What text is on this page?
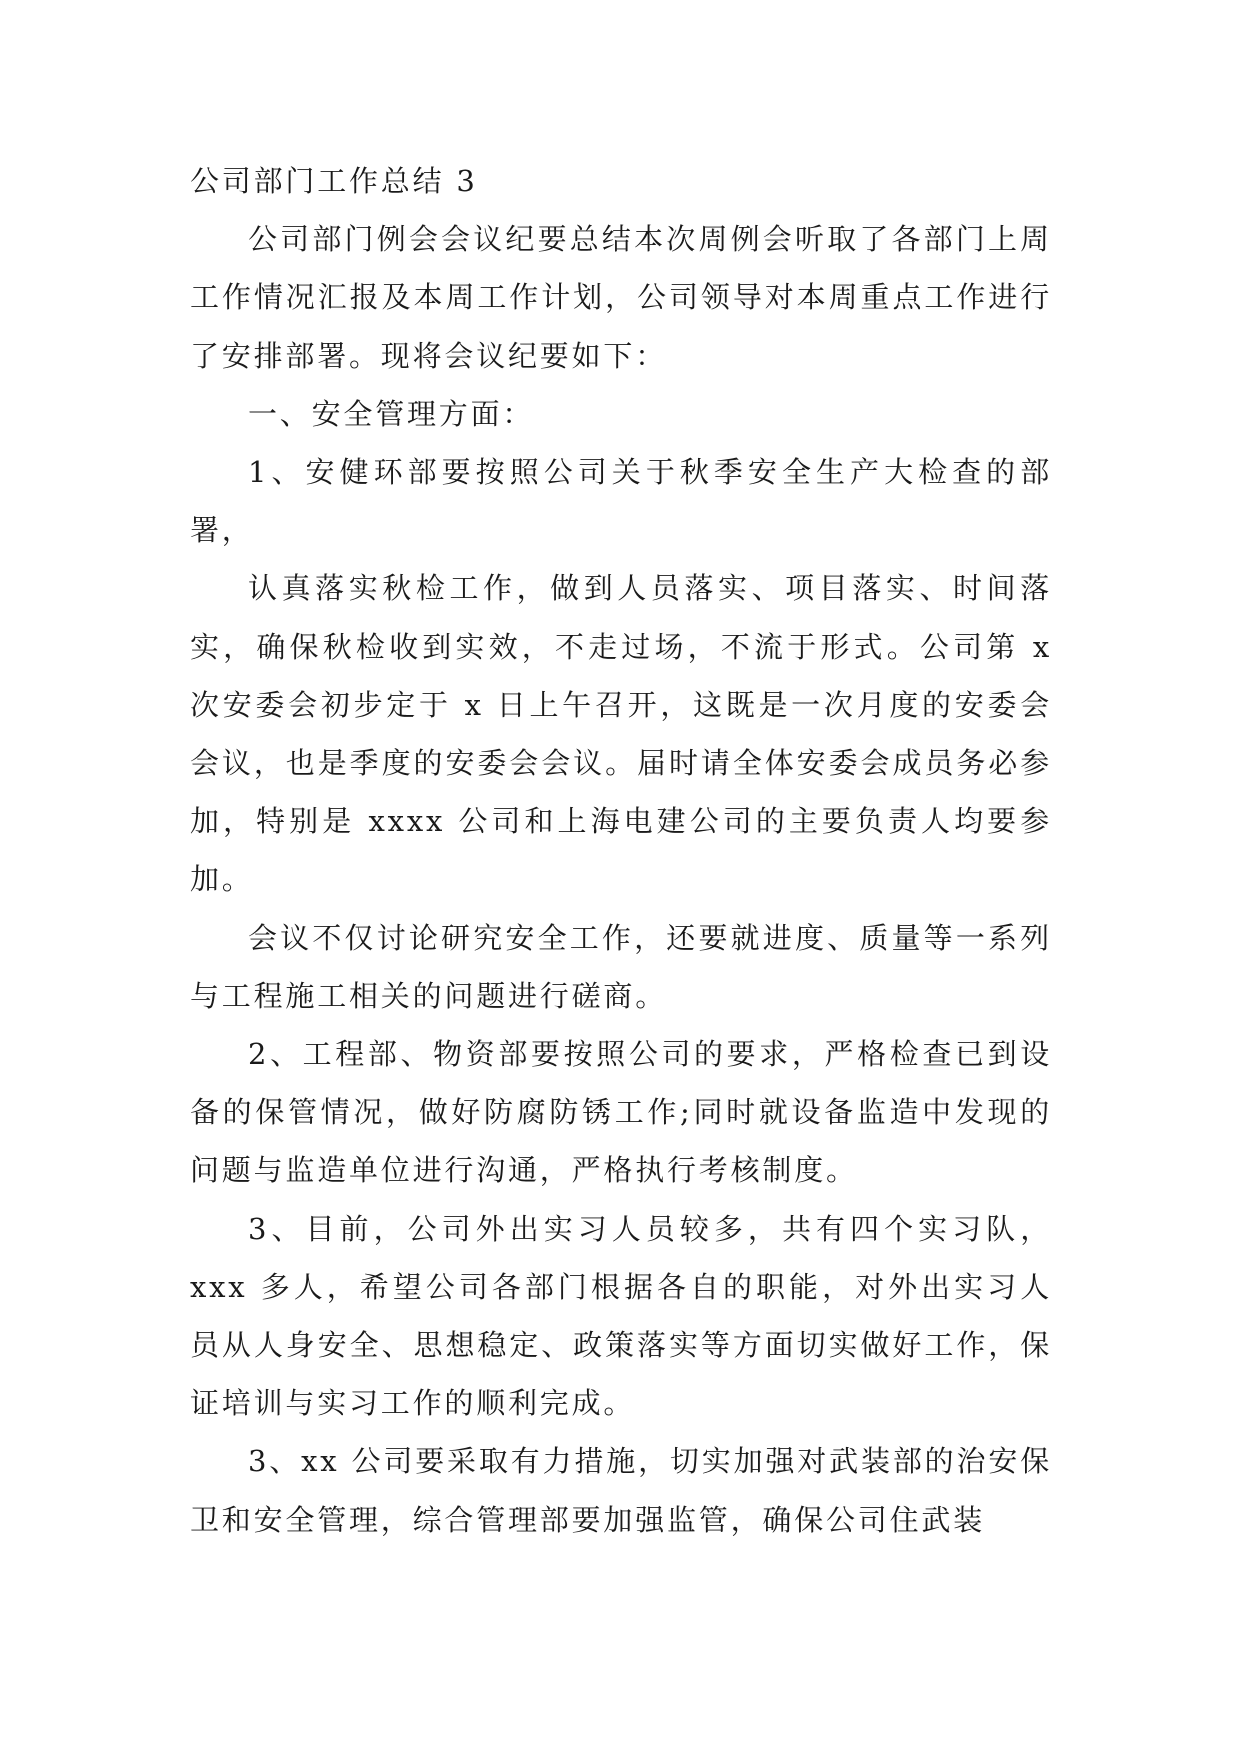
公司部门工作总结 3

公司部门例会会议纪要总结本次周例会听取了各部门上周工作情况汇报及本周工作计划，公司领导对本周重点工作进行了安排部署。现将会议纪要如下：

一、安全管理方面：

1、安健环部要按照公司关于秋季安全生产大检查的部署，

认真落实秋检工作，做到人员落实、项目落实、时间落实，确保秋检收到实效，不走过场，不流于形式。公司第 x 次安委会初步定于 x 日上午召开，这既是一次月度的安委会会议，也是季度的安委会会议。届时请全体安委会成员务必参加，特别是 xxxx 公司和上海电建公司的主要负责人均要参加。

会议不仅讨论研究安全工作，还要就进度、质量等一系列与工程施工相关的问题进行磋商。

2、工程部、物资部要按照公司的要求，严格检查已到设备的保管情况，做好防腐防锈工作;同时就设备监造中发现的问题与监造单位进行沟通，严格执行考核制度。

3、目前，公司外出实习人员较多，共有四个实习队，xxx 多人，希望公司各部门根据各自的职能，对外出实习人员从人身安全、思想稳定、政策落实等方面切实做好工作，保证培训与实习工作的顺利完成。

3、xx 公司要采取有力措施，切实加强对武装部的治安保卫和安全管理，综合管理部要加强监管，确保公司住武装
